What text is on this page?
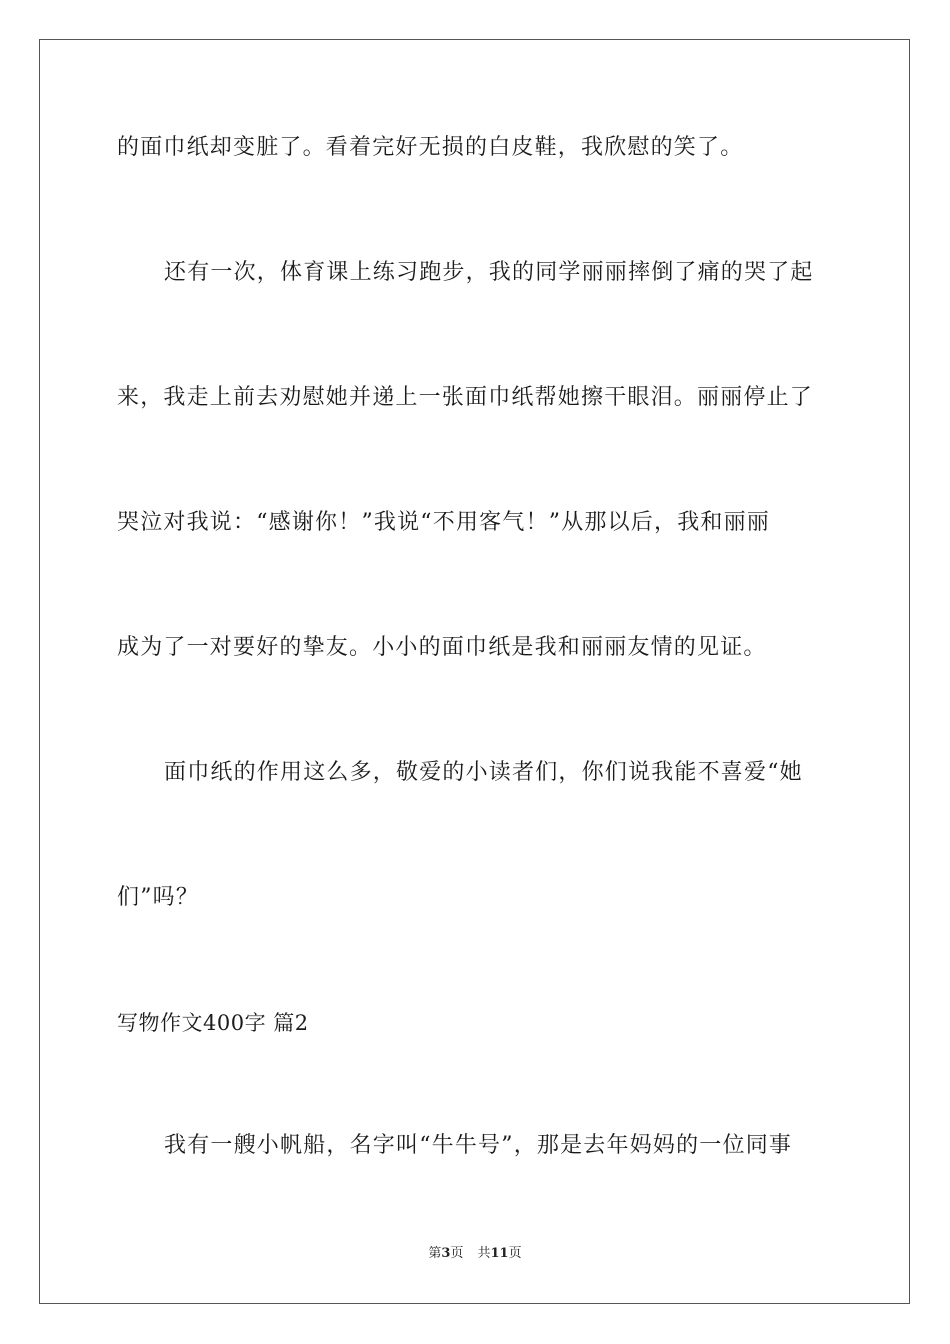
的面巾纸却变脏了。看着完好无损的白皮鞋，我欣慰的笑了。
还有一次，体育课上练习跑步，我的同学丽丽摔倒了痛的哭了起
来，我走上前去劝慰她并递上一张面巾纸帮她擦干眼泪。丽丽停止了
哭泣对我说：“感谢你！”我说“不用客气！”从那以后，我和丽丽
成为了一对要好的挚友。小小的面巾纸是我和丽丽友情的见证。
面巾纸的作用这么多，敬爱的小读者们，你们说我能不喜爱“她
们”吗？
写物作文400字 篇2
我有一艘小帆船，名字叫“牛牛号”，那是去年妈妈的一位同事
第3页 共11页
